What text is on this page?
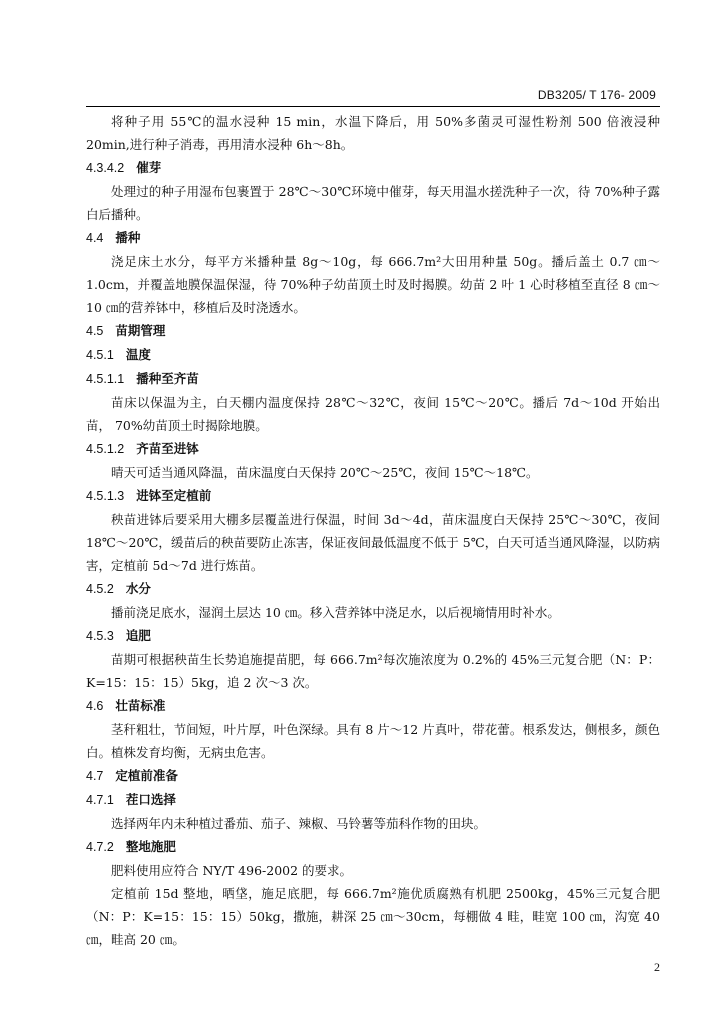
DB3205/ T 176- 2009

将种子用 55℃的温水浸种 15 min，水温下降后，用 50%多菌灵可湿性粉剂 500 倍液浸种 20min,进行种子消毒，再用清水浸种 6h～8h。

4.3.4.2 催芽

处理过的种子用湿布包裹置于 28℃～30℃环境中催芽，每天用温水搓洗种子一次，待 70%种子露白后播种。

4.4 播种

浇足床土水分，每平方米播种量 8g～10g，每 666.7m²大田用种量 50g。播后盖土 0.7 ㎝～1.0cm，并覆盖地膜保温保湿，待 70%种子幼苗顶土时及时揭膜。幼苗 2 叶 1 心时移植至直径 8 ㎝～10 ㎝的营养钵中，移植后及时浇透水。

4.5 苗期管理

4.5.1 温度

4.5.1.1 播种至齐苗

苗床以保温为主，白天棚内温度保持 28℃～32℃，夜间 15℃～20℃。播后 7d～10d 开始出苗， 70%幼苗顶土时揭除地膜。

4.5.1.2 齐苗至进钵

晴天可适当通风降温，苗床温度白天保持 20℃～25℃，夜间 15℃～18℃。

4.5.1.3 进钵至定植前

秧苗进钵后要采用大棚多层覆盖进行保温，时间 3d～4d，苗床温度白天保持 25℃～30℃，夜间 18℃～20℃，缓苗后的秧苗要防止冻害，保证夜间最低温度不低于 5℃，白天可适当通风降湿，以防病害，定植前 5d～7d 进行炼苗。

4.5.2 水分

播前浇足底水，湿润土层达 10 ㎝。移入营养钵中浇足水，以后视墒情用时补水。

4.5.3 追肥

苗期可根据秧苗生长势追施提苗肥，每 666.7m²每次施浓度为 0.2%的 45%三元复合肥（N：P：K=15：15：15）5kg，追 2 次～3 次。

4.6 壮苗标准

茎秆粗壮，节间短，叶片厚，叶色深绿。具有 8 片～12 片真叶，带花蕾。根系发达，侧根多，颜色白。植株发育均衡，无病虫危害。

4.7 定植前准备

4.7.1 茬口选择

选择两年内未种植过番茄、茄子、辣椒、马铃薯等茄科作物的田块。

4.7.2 整地施肥

肥料使用应符合 NY/T 496-2002 的要求。

定植前 15d 整地，晒垡，施足底肥，每 666.7m²施优质腐熟有机肥 2500kg，45%三元复合肥（N：P：K=15：15：15）50kg，撒施，耕深 25 ㎝～30cm，每棚做 4 畦，畦宽 100 ㎝，沟宽 40 ㎝，畦高 20 ㎝。

2
